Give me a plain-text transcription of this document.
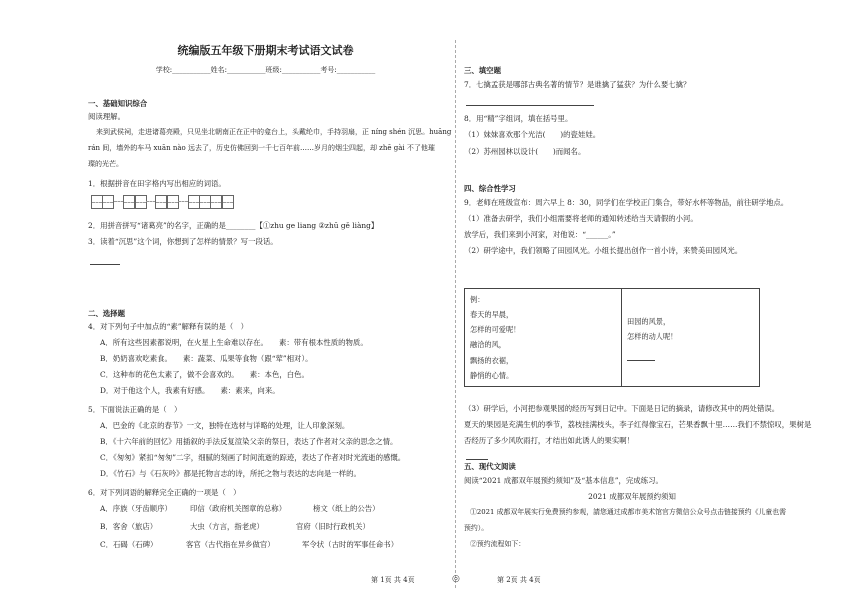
统编版五年级下册期末考试语文试卷
学校:___________姓名:___________班级:___________考号:___________
一、基础知识综合
阅读理解。
来到武侯祠，走进诸葛亮殿，只见坐北朝南正在正中的龛台上，头戴纶巾，手持羽扇，正 níng shén 沉思。huāng
rán 间，墙外的车马 xuān nào 远去了，历史仿佛回到一千七百年前……岁月的烟尘四起，却 zhē gài 不了他璀
璨的光芒。
1．根据拼音在田字格内写出相应的词语。
2．用拼音拼写“诸葛亮”的名字，正确的是________【①zhu ge liang ②zhū gě liàng】
3．读着“沉思”这个词，你想到了怎样的情景？写一段话。

二、选择题
4．对下列句子中加点的“素”解释有误的是（　）
A．所有这些因素都说明，在火星上生命难以存在。　　素：带有根本性质的物质。
B．奶奶喜欢吃素食。　　素：蔬菜、瓜果等食物（跟“荤”相对）。
C．这种布的花色太素了，做不会喜欢的。　　素：本色，白色。
D．对于他这个人，我素有好感。　　素：素来，向来。
5．下面说法正确的是（　）
A．巴金的《北京的春节》一文，独特在选材与详略的处理，让人印象深刻。
B．《十六年前的回忆》用插叙的手法反复渲染父亲的祭日，表达了作者对父亲的思念之情。
C．《匆匆》紧扣“匆匆”二字，细腻的刻画了时间流逝的踪迹，表达了作者对时光流逝的感慨。
D．《竹石》与《石灰吟》都是托物言志的诗，所托之物与表达的志向是一样的。
6．对下列词语的解释完全正确的一项是（　）
A．序族（牙齿顺序） 印信（政府机关图章的总称）	榜文（纸上的公告）
B．客舍（旅店）	大虫（方言，指老虎）	官府（旧时行政机关）
C．石碣（石碑）	客官（古代指在异乡做官）	军令状（古时的军事任命书）
三、填空题
7．七擒孟获是哪部古典名著的情节？是谁擒了猛获？为什么要七擒？

8．用“精”字组词，填在括号里。
（1）妹妹喜欢那个光洁(　　)的瓷娃娃。
（2）苏州园林以设计(　　)而闻名。
四、综合性学习
9．老师在班级宣布：周六早上 8：30，同学们在学校正门集合，带好水杯等物品，前往研学地点。
（1）准备去研学，我们小组需要将老师的通知转述给当天请假的小河。
放学后，我们来到小河家，对他说：“______。”
（2）研学途中，我们领略了田园风光。小组长提出创作一首小诗，来赞美田园风光。
例：
春天的早晨，
怎样的可爱呢！
融洽的风，
飘扬的衣裾，
静悄的心情。

田园的风景，
怎样的动人呢！

（3）研学后，小河把参观果园的经历写到日记中。下面是日记的摘录，请修改其中的两处错误。
夏天的果园是充满生机的季节，荔枝挂满枝头，李子红得像宝石，芒果香飘十里……我们不禁惊叹，果树是
否经历了多少风吹雨打，才结出如此诱人的果实啊！

五、现代文阅读
阅读“2021 成都双年展预约须知”及“基本信息”，完成练习。
2021 成都双年展预约须知
①2021 成都双年展实行免费预约参观，請您通过成都市美术馆官方微信公众号点击链接预约《儿童也需
预约）。
②预约流程如下：
第 1页 共 4页	◎	第 2页 共 4页
